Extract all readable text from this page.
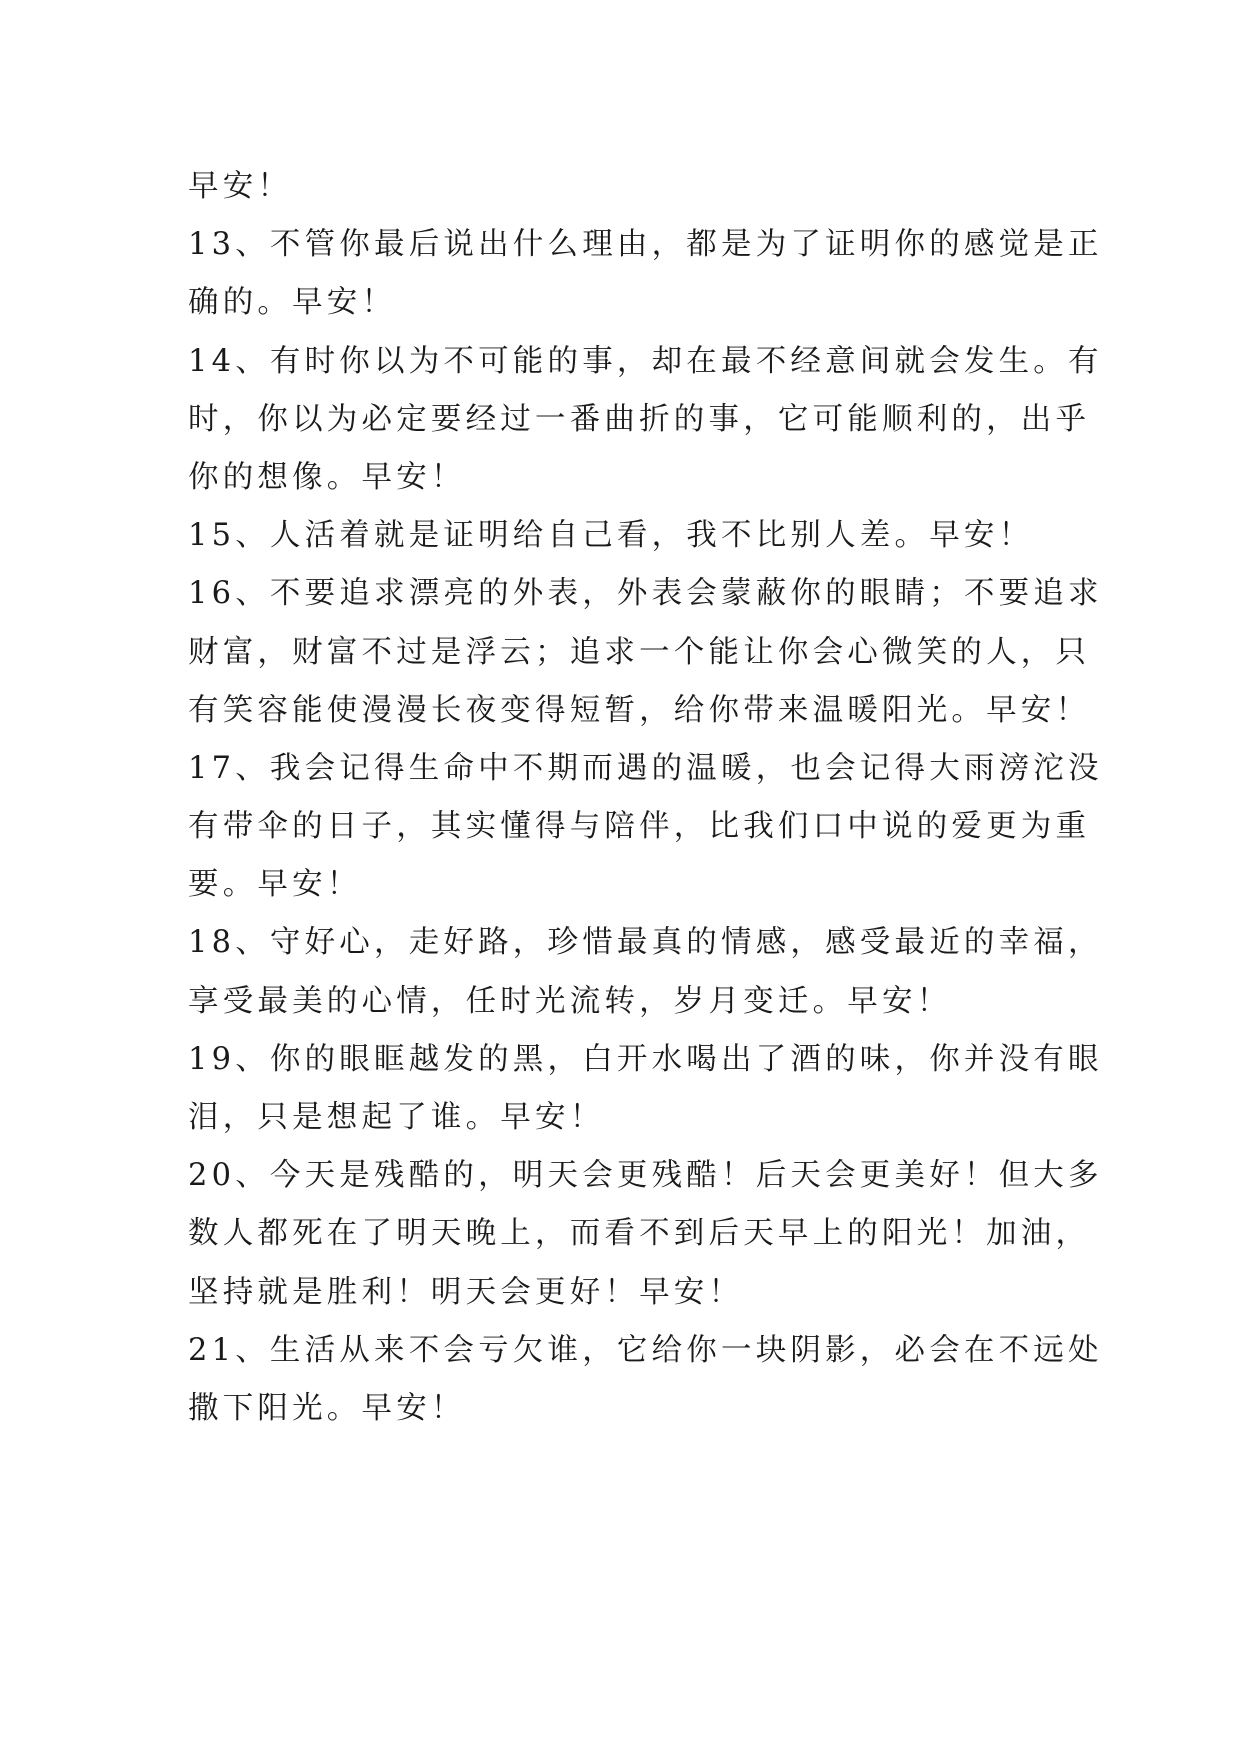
早安！
13、不管你最后说出什么理由，都是为了证明你的感觉是正
确的。早安！
14、有时你以为不可能的事，却在最不经意间就会发生。有
时，你以为必定要经过一番曲折的事，它可能顺利的，出乎
你的想像。早安！
15、人活着就是证明给自己看，我不比别人差。早安！
16、不要追求漂亮的外表，外表会蒙蔽你的眼睛；不要追求
财富，财富不过是浮云；追求一个能让你会心微笑的人，只
有笑容能使漫漫长夜变得短暂，给你带来温暖阳光。早安！
17、我会记得生命中不期而遇的温暖，也会记得大雨滂沱没
有带伞的日子，其实懂得与陪伴，比我们口中说的爱更为重
要。早安！
18、守好心，走好路，珍惜最真的情感，感受最近的幸福，
享受最美的心情，任时光流转，岁月变迁。早安！
19、你的眼眶越发的黑，白开水喝出了酒的味，你并没有眼
泪，只是想起了谁。早安！
20、今天是残酷的，明天会更残酷！后天会更美好！但大多
数人都死在了明天晚上，而看不到后天早上的阳光！加油，
坚持就是胜利！明天会更好！早安！
21、生活从来不会亏欠谁，它给你一块阴影，必会在不远处
撒下阳光。早安！
